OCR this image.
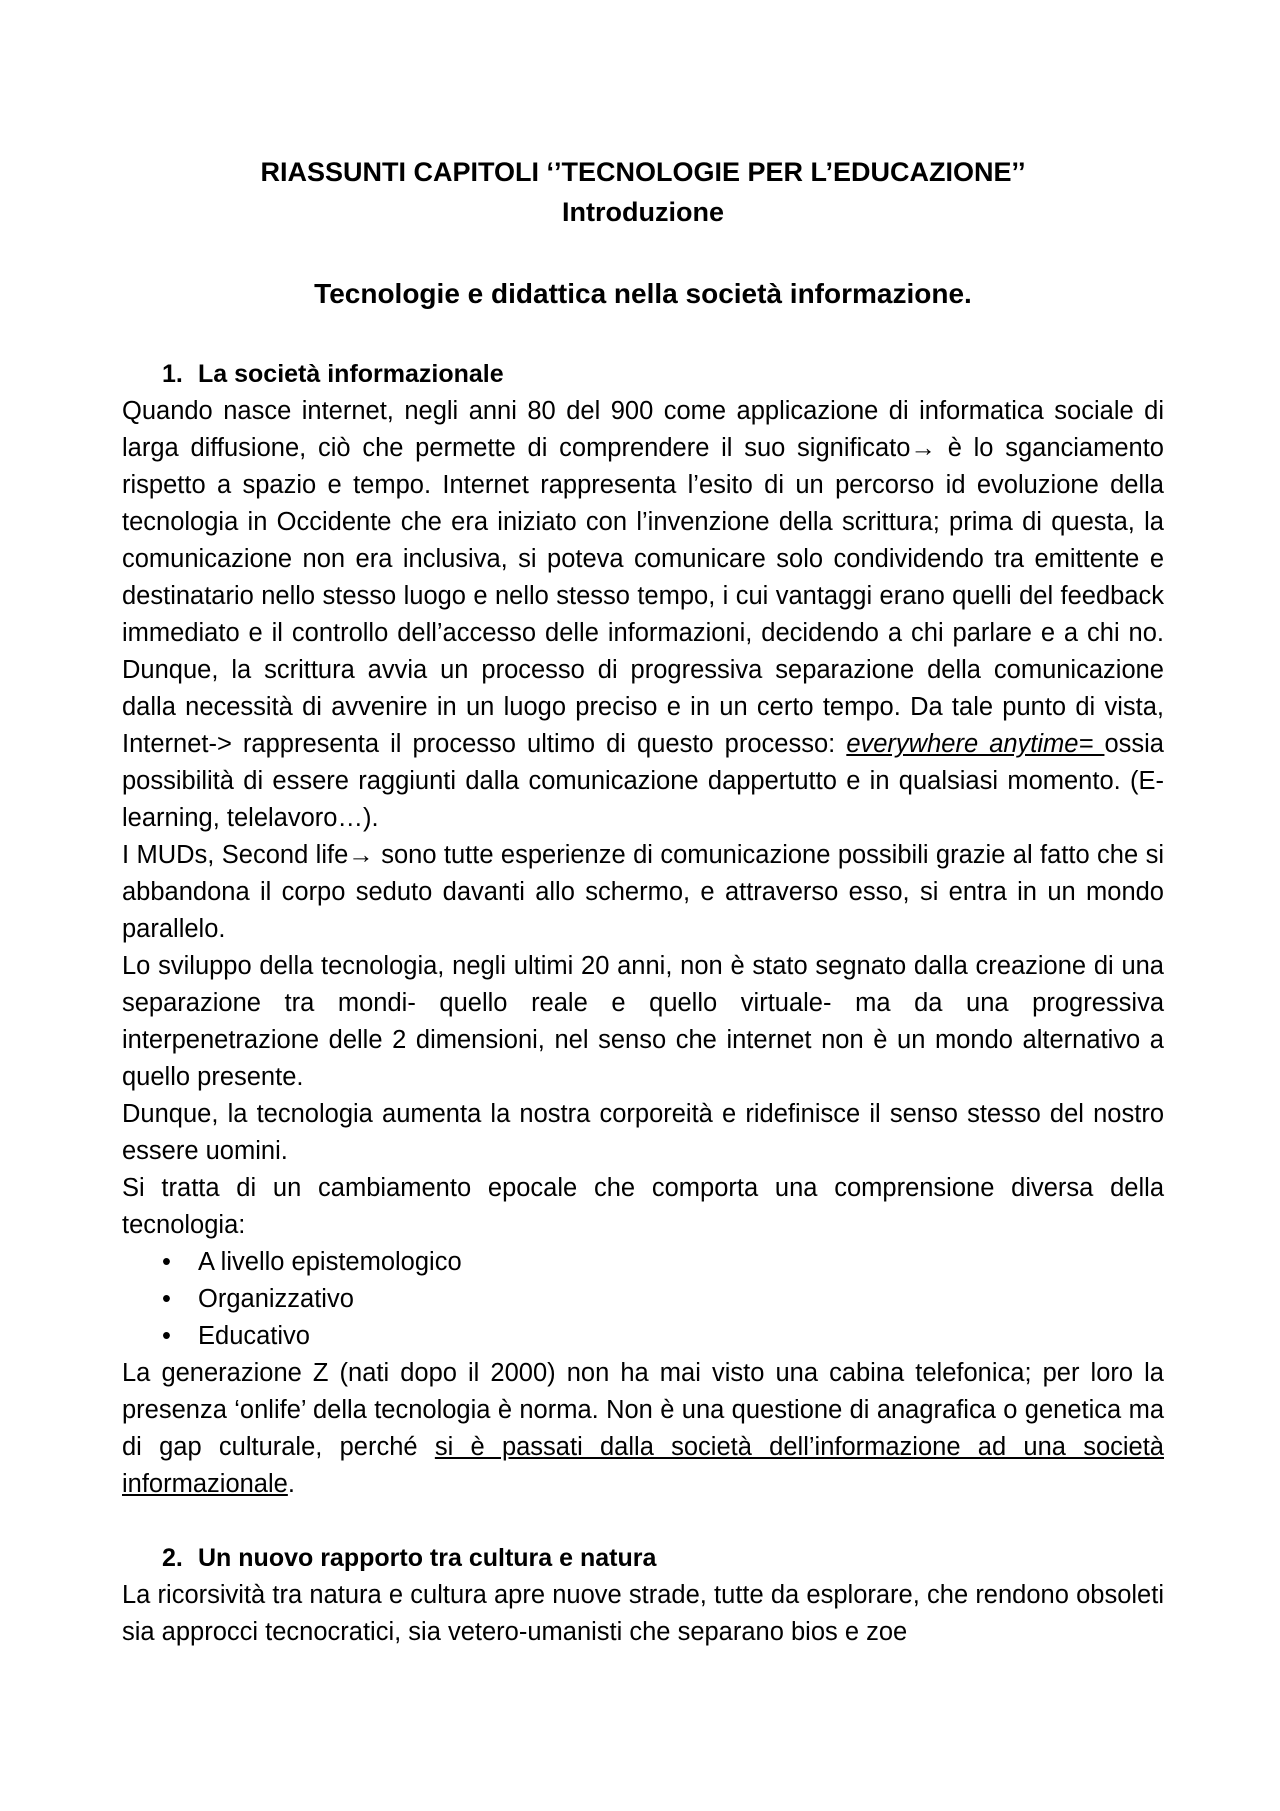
RIASSUNTI CAPITOLI ‘’TECNOLOGIE PER L’EDUCAZIONE’’
Introduzione
Tecnologie e didattica nella società informazione.
1. La società informazionale

Quando nasce internet, negli anni 80 del 900 come applicazione di informatica sociale di larga diffusione, ciò che permette di comprendere il suo significato→ è lo sganciamento rispetto a spazio e tempo. Internet rappresenta l’esito di un percorso id evoluzione della tecnologia in Occidente che era iniziato con l’invenzione della scrittura; prima di questa, la comunicazione non era inclusiva, si poteva comunicare solo condividendo tra emittente e destinatario nello stesso luogo e nello stesso tempo, i cui vantaggi erano quelli del feedback immediato e il controllo dell’accesso delle informazioni, decidendo a chi parlare e a chi no. Dunque, la scrittura avvia un processo di progressiva separazione della comunicazione dalla necessità di avvenire in un luogo preciso e in un certo tempo. Da tale punto di vista, Internet-> rappresenta il processo ultimo di questo processo: everywhere anytime= ossia possibilità di essere raggiunti dalla comunicazione dappertutto e in qualsiasi momento. (E-learning, telelavoro…).

I MUDs, Second life→ sono tutte esperienze di comunicazione possibili grazie al fatto che si abbandona il corpo seduto davanti allo schermo, e attraverso esso, si entra in un mondo parallelo.

Lo sviluppo della tecnologia, negli ultimi 20 anni, non è stato segnato dalla creazione di una separazione tra mondi- quello reale e quello virtuale- ma da una progressiva interpenetrazione delle 2 dimensioni, nel senso che internet non è un mondo alternativo a quello presente.

Dunque, la tecnologia aumenta la nostra corporeità e ridefinisce il senso stesso del nostro essere uomini.

Si tratta di un cambiamento epocale che comporta una comprensione diversa della tecnologia:

• A livello epistemologico
• Organizzativo
• Educativo

La generazione Z (nati dopo il 2000) non ha mai visto una cabina telefonica; per loro la presenza ‘onlife’ della tecnologia è norma. Non è una questione di anagrafica o genetica ma di gap culturale, perché si è passati dalla società dell’informazione ad una società informazionale.

2. Un nuovo rapporto tra cultura e natura

La ricorsività tra natura e cultura apre nuove strade, tutte da esplorare, che rendono obsoleti sia approcci tecnocratici, sia vetero-umanisti che separano bios e zoe
